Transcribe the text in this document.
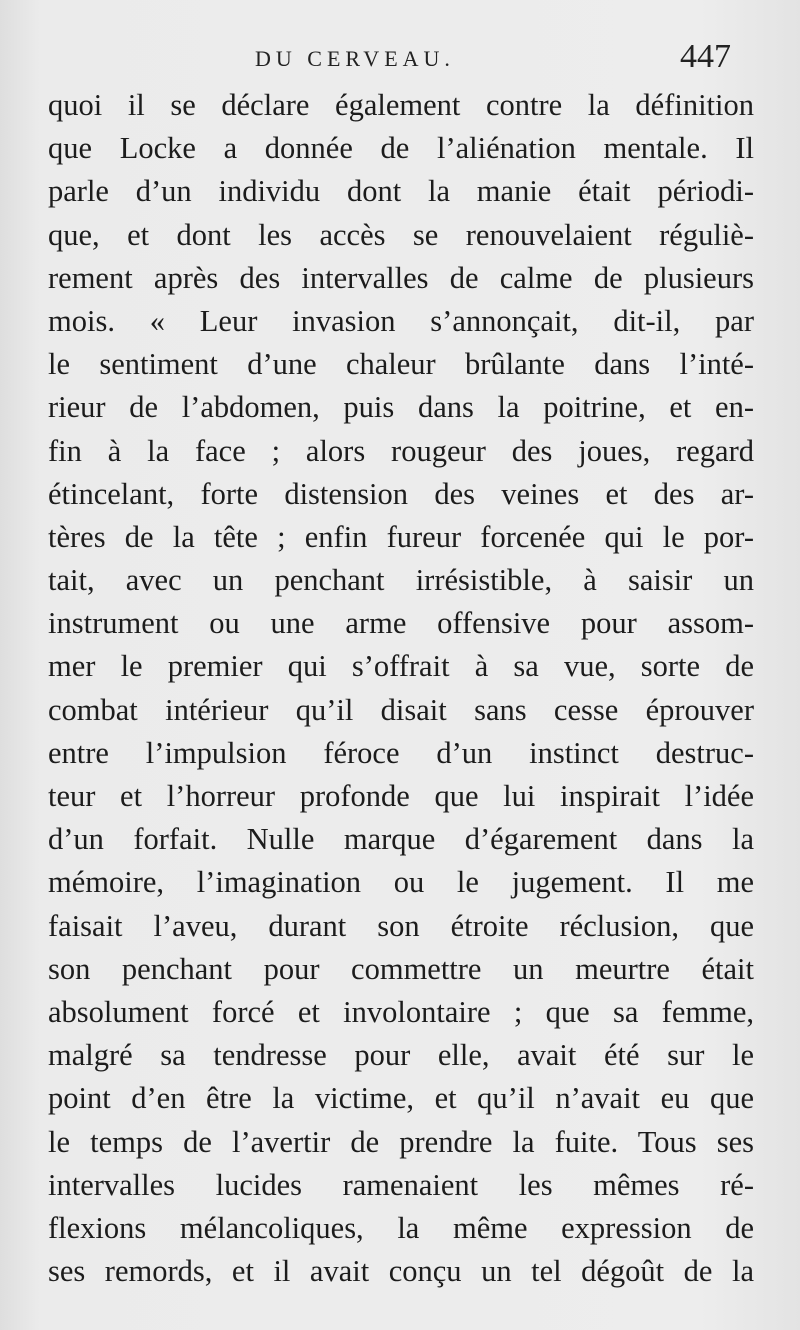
DU CERVEAU.	447
quoi il se déclare également contre la définition
que Locke a donnée de l’aliénation mentale. Il
parle d’un individu dont la manie était périodi-
que, et dont les accès se renouvelaient réguliè-
rement après des intervalles de calme de plusieurs
mois. « Leur invasion s’annonçait, dit-il, par
le sentiment d’une chaleur brûlante dans l’inté-
rieur de l’abdomen, puis dans la poitrine, et en-
fin à la face ; alors rougeur des joues, regard
étincelant, forte distension des veines et des ar-
tères de la tête ; enfin fureur forcenée qui le por-
tait, avec un penchant irrésistible, à saisir un
instrument ou une arme offensive pour assom-
mer le premier qui s’offrait à sa vue, sorte de
combat intérieur qu’il disait sans cesse éprouver
entre l’impulsion féroce d’un instinct destruc-
teur et l’horreur profonde que lui inspirait l’idée
d’un forfait. Nulle marque d’égarement dans la
mémoire, l’imagination ou le jugement. Il me
faisait l’aveu, durant son étroite réclusion, que
son penchant pour commettre un meurtre était
absolument forcé et involontaire ; que sa femme,
malgré sa tendresse pour elle, avait été sur le
point d’en être la victime, et qu’il n’avait eu que
le temps de l’avertir de prendre la fuite. Tous ses
intervalles lucides ramenaient les mêmes ré-
flexions mélancoliques, la même expression de
ses remords, et il avait conçu un tel dégoût de la
